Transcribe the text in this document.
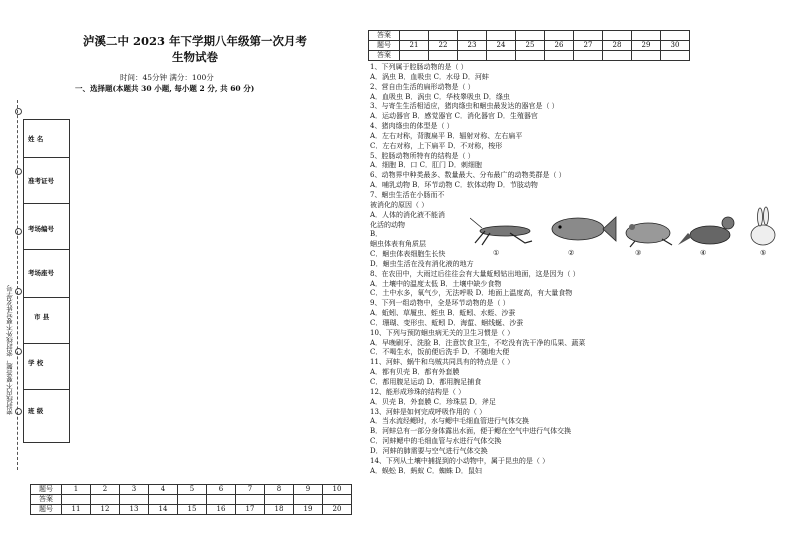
泸溪二中 2023 年下学期八年级第一次月考
生物试卷
时间：45分钟 满分：100分
一、选择题(本题共 30 小题, 每小题 2 分, 共 60 分)
密封线内不要答题，密封线外不要写姓名学号
姓 名
准考证号
考场编号
考场座号
市 县
学 校
班 级
题号	1	2	3	4	5	6	7	8	9	10
答案										
题号	11	12	13	14	15	16	17	18	19	20
答案										
题号	21	22	23	24	25	26	27	28	29	30
答案										
1、下列属于腔肠动物的是（ ）
A．涡虫 B．血吸虫 C．水母 D．河蚌
2、营自由生活的扁形动物是（ ）
A．血吸虫 B．涡虫 C．华枝睾吸虫 D．绦虫
3、与寄生生活相适应，猪肉绦虫和蛔虫最发达的器官是（ ）
A．运动器官 B．感觉器官 C．消化器官 D．生殖器官
4、猪肉绦虫的体型是（ ）
A．左右对称，背腹扁平 B．辐射对称、左右扁平
C．左右对称，上下扁平 D．不对称，梭形
5、腔肠动物所特有的结构是（ ）
A．细胞 B．口 C．肛门 D．刺细胞
6、动物界中种类最多、数量最大、分布最广的动物类群是（ ）
A．哺乳动物 B．环节动物 C．软体动物 D．节肢动物
7、蛔虫生活在小肠而不
被消化的原因（ ）
A．人体的消化液不能消
化活的动物
B．
蛔虫体表有角质层
C．蛔虫体表细胞生长快
D．蛔虫生活在没有消化液的地方
8、在农田中，大雨过后往往会有大量蚯蚓钻出地面，这是因为（ ）
A．土壤中的温度太低 B．土壤中缺少食物
C．土中水多，氧气少，无法呼吸 D．地面上温度高，有大量食物
9、下列一组动物中，全是环节动物的是（ ）
A．蚯蚓、草履虫、蛭虫 B．蚯蚓、水蛭、沙蚕
C．珊瑚、变形虫、蚯蚓 D．海蜇、蛔线蜒、沙蚕
10、下列与预防蛔虫病无关的卫生习惯是（ ）
A．早晚刷牙、洗脸 B．注意饮食卫生，不吃没有洗干净的瓜果、蔬菜
C．不喝生水，饭前便后洗手 D．不随地大便
11、河蚌、蜗牛和乌贼共同具有的特点是（ ）
A．都有贝壳 B．都有外套膜
C．都用腹足运动 D．都用腕足捕食
12、能形成珍珠的结构是（ ）
A．贝壳 B．外套膜 C．珍珠层 D．斧足
13、河蚌是如何完成呼吸作用的（ ）
A．当水流经鳃时，水与鳃中毛细血管进行气体交换
B．河蚌总有一部分身体露出水面，便于鳃在空气中进行气体交换
C．河蚌鳃中的毛细血管与水进行气体交换
D．河蚌的肺需要与空气进行气体交换
14、下列从土壤中捕捉到的小动物中，属于昆虫的是（ ）
A．蜈蚣 B．蚂蚁 C．蜘蛛 D．鼠妇
①	②	③	④	⑤
